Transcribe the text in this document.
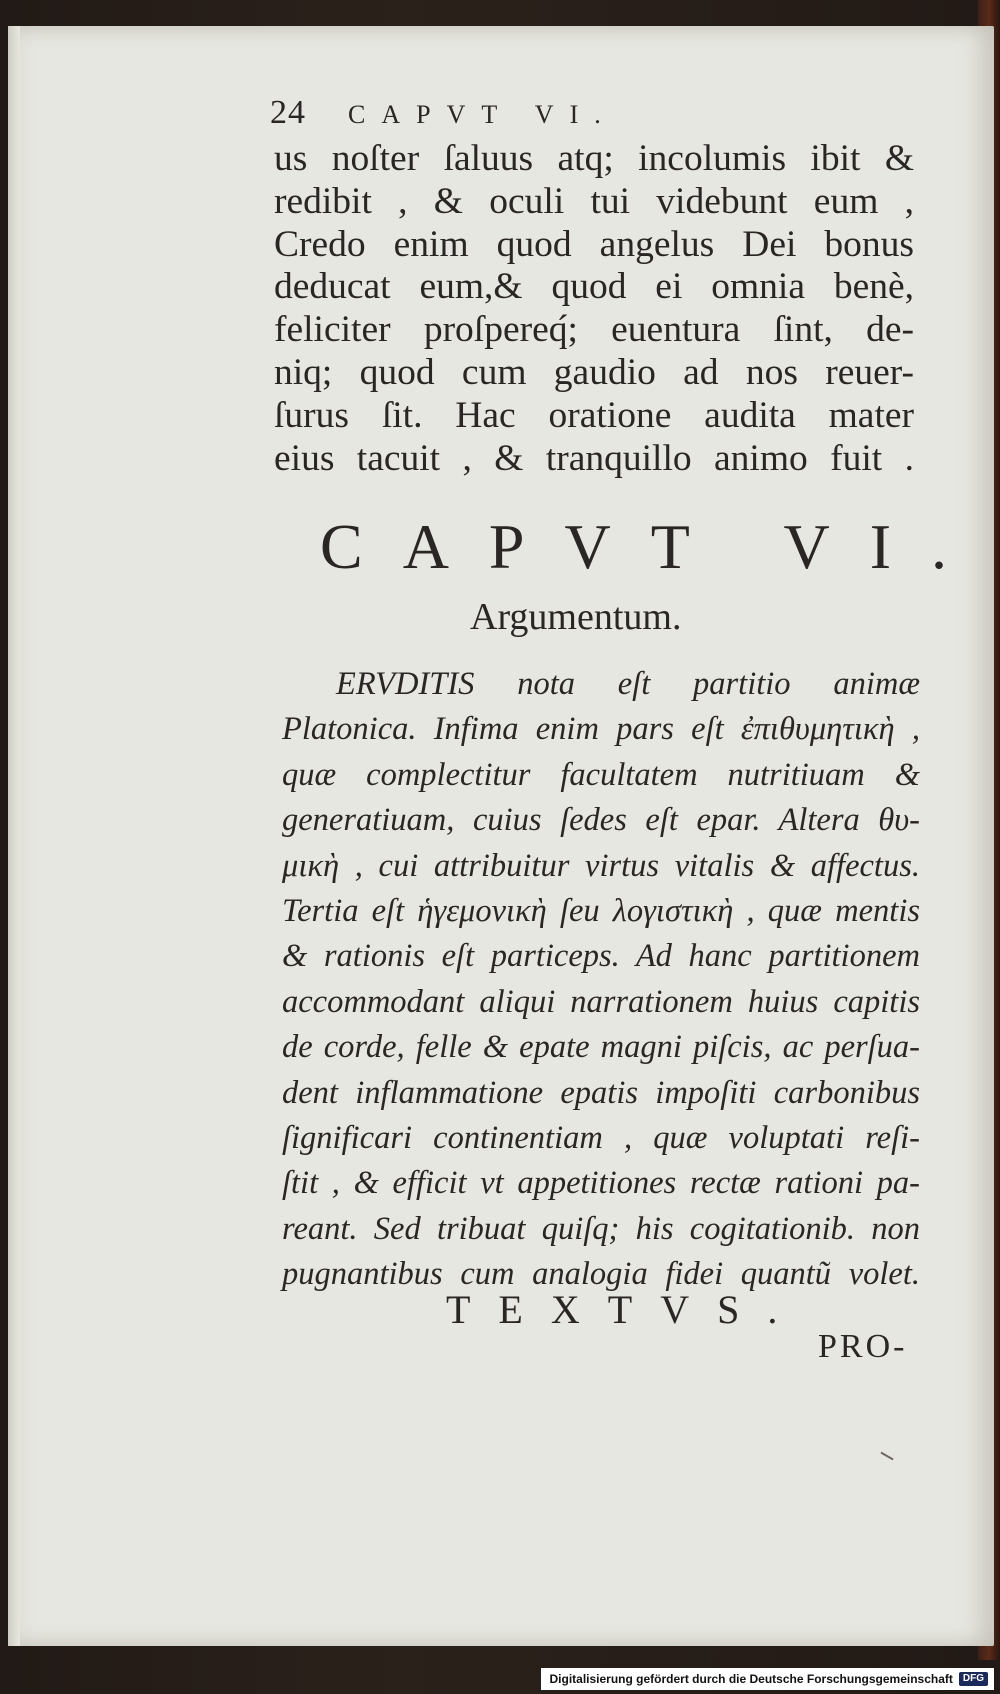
24 CAPVT VI.
us noſter ſaluus atq; incolumis ibit &
redibit , & oculi tui videbunt eum ,
Credo enim quod angelus Dei bonus
deducat eum,& quod ei omnia benè,
feliciter proſpereq́; euentura ſint, de-
niq; quod cum gaudio ad nos reuer-
ſurus ſit. Hac oratione audita mater
eius tacuit , & tranquillo animo fuit .
CAPVT VI.
Argumentum.
ERVDITIS nota eſt partitio animæ
Platonica. Infima enim pars eſt ἐπιθυμητικὴ ,
quæ complectitur facultatem nutritiuam &
generatiuam, cuius ſedes eſt epar. Altera θυ-
μικὴ , cui attribuitur virtus vitalis & affectus.
Tertia eſt ἡγεμονικὴ ſeu λογιστικὴ , quæ mentis
& rationis eſt particeps. Ad hanc partitionem
accommodant aliqui narrationem huius capitis
de corde, felle & epate magni piſcis, ac perſua-
dent inflammatione epatis impoſiti carbonibus
ſignificari continentiam , quæ voluptati reſi-
ſtit , & efficit vt appetitiones rectæ rationi pa-
reant. Sed tribuat quiſq; his cogitationib. non
pugnantibus cum analogia fidei quantũ volet.
TEXTVS.
PRO-
Digitalisierung gefördert durch die Deutsche Forschungsgemeinschaft	DFG
